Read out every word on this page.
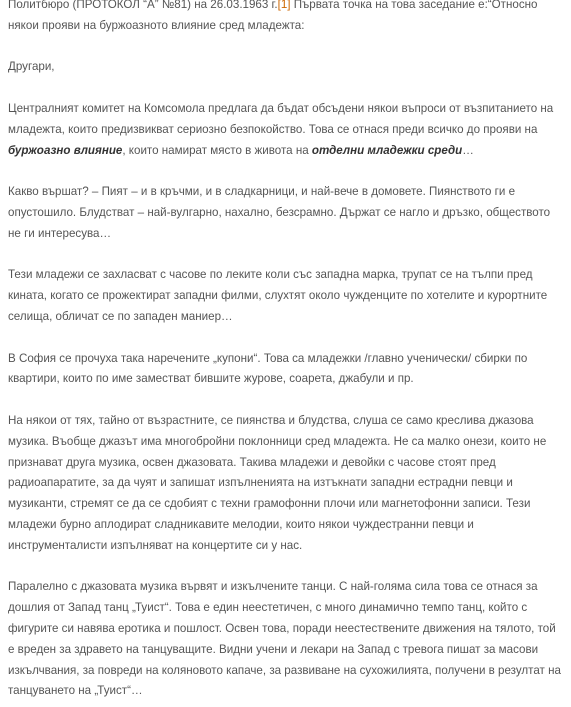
Политбюро (ПРОТОКОЛ “А” №81) на 26.03.1963 г.[1] Първата точка на това заседание е:“Относно някои прояви на буржоазното влияние сред младежта:

Другари,

Централният комитет на Комсомола предлага да бъдат обсъдени някои въпроси от възпитанието на младежта, които предизвикват сериозно безпокойство. Това се отнася преди всичко до прояви на буржоазно влияние, които намират място в живота на отделни младежки среди…

Какво вършат? – Пият – и в кръчми, и в сладкарници, и най-вече в домовете. Пиянството ги е опустошило. Блудстват – най-вулгарно, нахално, безсрамно. Държат се нагло и дръзко, обществото не ги интересува…

Тези младежи се захласват с часове по леките коли със западна марка, трупат се на тълпи пред кината, когато се прожектират западни филми, слухтят около чужденците по хотелите и курортните селища, обличат се по западен маниер…

В София се прочуха така наречените „купони“. Това са младежки /главно ученически/ сбирки по квартири, които по име заместват бившите журове, соарета, джабули и пр.

На някои от тях, тайно от възрастните, се пиянства и блудства, слуша се само креслива джазова музика. Въобще джазът има многобройни поклонници сред младежта. Не са малко онези, които не признават друга музика, освен джазовата. Такива младежи и девойки с часове стоят пред радиоапаратите, за да чуят и запишат изпълненията на изтъкнати западни естрадни певци и музиканти, стремят се да се сдобият с техни грамофонни плочи или магнетофонни записи. Тези младежи бурно аплодират сладникавите мелодии, които някои чуждестранни певци и инструменталисти изпълняват на концертите си у нас.

Паралелно с джазовата музика вървят и изкълчените танци. С най-голяма сила това се отнася за дошлия от Запад танц „Туист“. Това е един неестетичен, с много динамично темпо танц, който с фигурите си навява еротика и пошлост. Освен това, поради неестествените движения на тялото, той е вреден за здравето на танцуващите. Видни учени и лекари на Запад с тревога пишат за масови изкълчвания, за повреди на коляновото капаче, за развиване на сухожилията, получени в резултат на танцуването на „Туист“…
